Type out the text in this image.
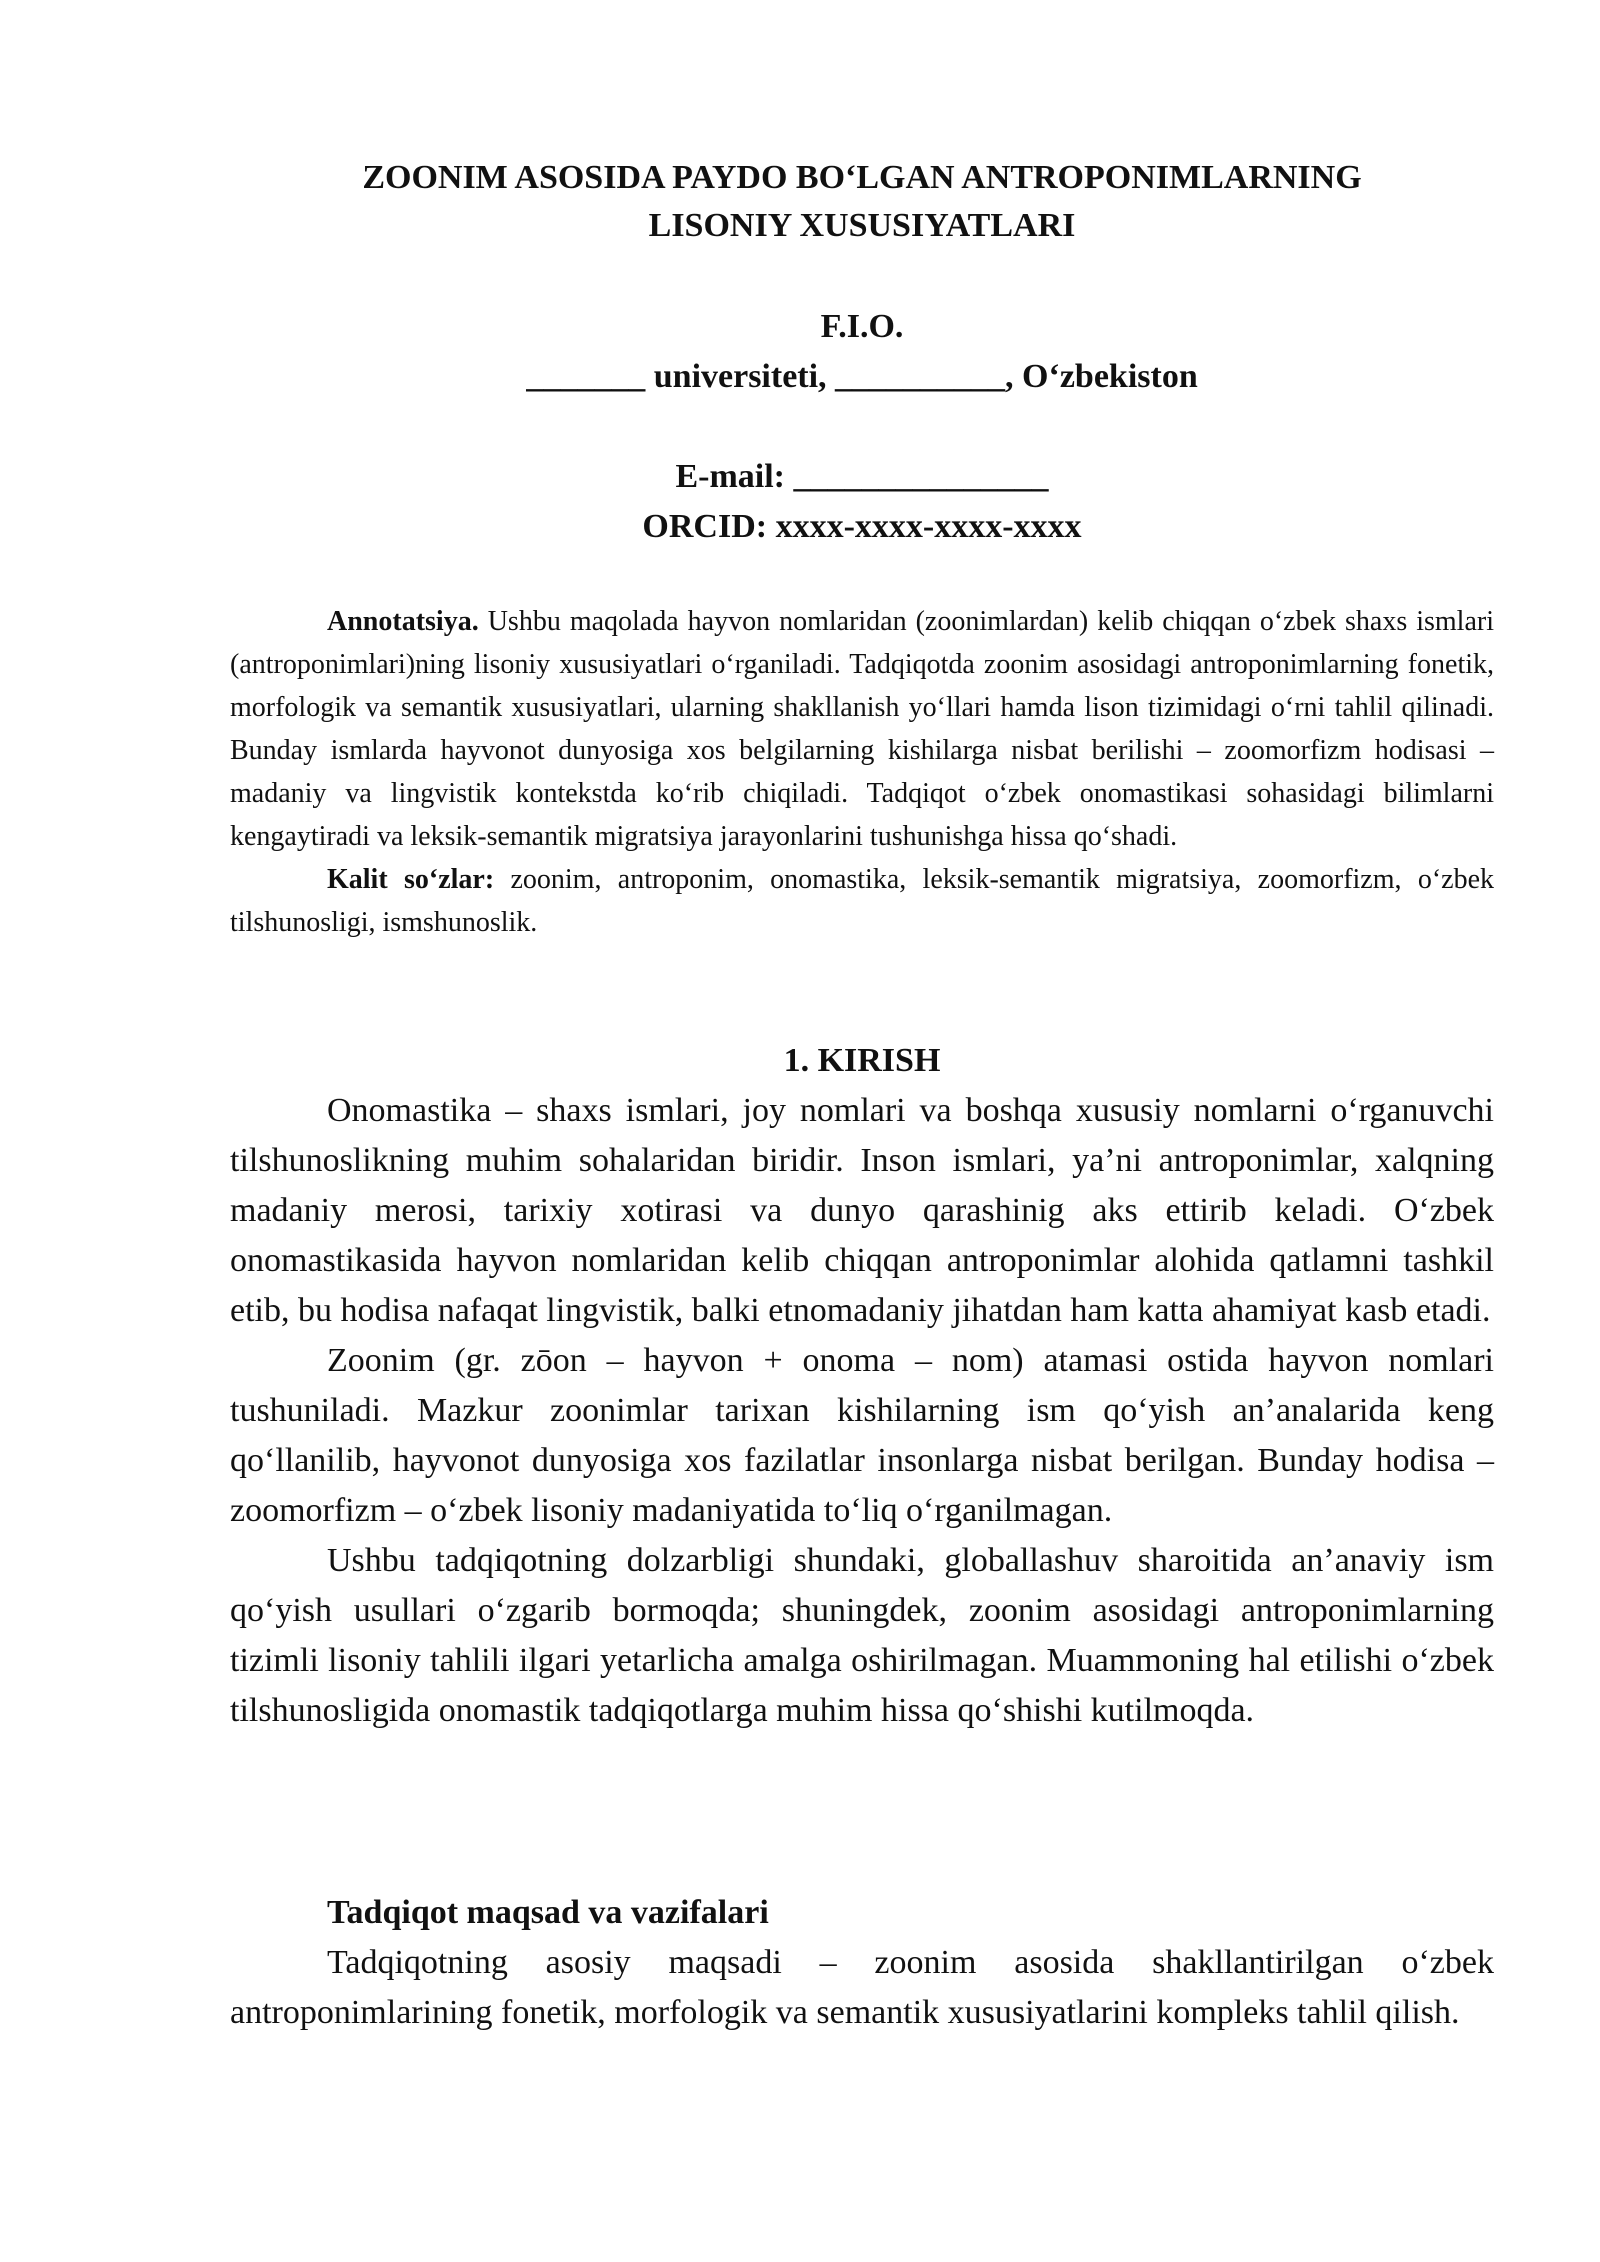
ZOONIM ASOSIDA PAYDO BO‘LGAN ANTROPONIMLARNING
LISONIY XUSUSIYATLARI
F.I.O.
_______ universiteti, __________, O‘zbekiston
E-mail: _______________
ORCID: xxxx-xxxx-xxxx-xxxx

Annotatsiya. Ushbu maqolada hayvon nomlaridan (zoonimlardan) kelib chiqqan o‘zbek shaxs ismlari (antroponimlari)ning lisoniy xususiyatlari o‘rganiladi. Tadqiqotda zoonim asosidagi antroponimlarning fonetik, morfologik va semantik xususiyatlari, ularning shakllanish yo‘llari hamda lison tizimidagi o‘rni tahlil qilinadi. Bunday ismlarda hayvonot dunyosiga xos belgilarning kishilarga nisbat berilishi – zoomorfizm hodisasi – madaniy va lingvistik kontekstda ko‘rib chiqiladi. Tadqiqot o‘zbek onomastikasi sohasidagi bilimlarni kengaytiradi va leksik-semantik migratsiya jarayonlarini tushunishga hissa qo‘shadi.

Kalit so‘zlar: zoonim, antroponim, onomastika, leksik-semantik migratsiya, zoomorfizm, o‘zbek tilshunosligi, ismshunoslik.

1. KIRISH

Onomastika – shaxs ismlari, joy nomlari va boshqa xususiy nomlarni o‘rganuvchi tilshunoslikning muhim sohalaridan biridir. Inson ismlari, ya’ni antroponimlar, xalqning madaniy merosi, tarixiy xotirasi va dunyo qarashinig aks ettirib keladi. O‘zbek onomastikasida hayvon nomlaridan kelib chiqqan antroponimlar alohida qatlamni tashkil etib, bu hodisa nafaqat lingvistik, balki etnomadaniy jihatdan ham katta ahamiyat kasb etadi.

Zoonim (gr. zōon – hayvon + onoma – nom) atamasi ostida hayvon nomlari tushuniladi. Mazkur zoonimlar tarixan kishilarning ism qo‘yish an’analarida keng qo‘llanilib, hayvonot dunyosiga xos fazilatlar insonlarga nisbat berilgan. Bunday hodisa – zoomorfizm – o‘zbek lisoniy madaniyatida to‘liq o‘rganilmagan.

Ushbu tadqiqotning dolzarbligi shundaki, globallashuv sharoitida an’anaviy ism qo‘yish usullari o‘zgarib bormoqda; shuningdek, zoonim asosidagi antroponimlarning tizimli lisoniy tahlili ilgari yetarlicha amalga oshirilmagan. Muammoning hal etilishi o‘zbek tilshunosligida onomastik tadqiqotlarga muhim hissa qo‘shishi kutilmoqda.

Tadqiqot maqsad va vazifalari

Tadqiqotning asosiy maqsadi – zoonim asosida shakllantirilgan o‘zbek antroponimlarining fonetik, morfologik va semantik xususiyatlarini kompleks tahlil qilish.
